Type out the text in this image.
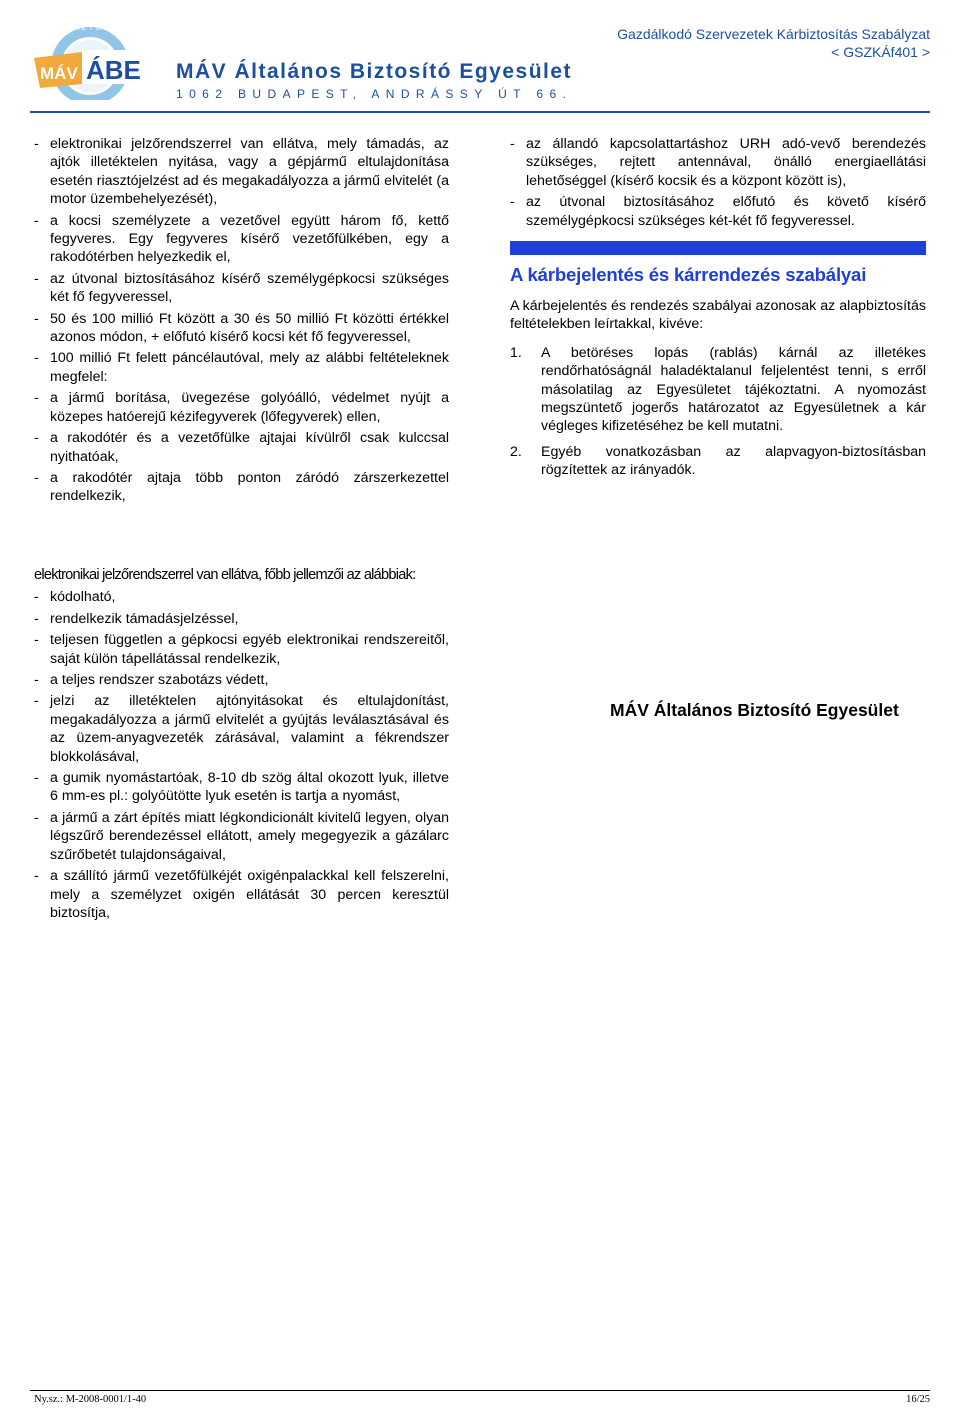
BIZTOSÍTÓ
MÁV ÁBE MÁV Általános Biztosító Egyesület
1062 BUDAPEST, ANDRÁSSY ÚT 66.
Gazdálkodó Szervezetek Kárbiztosítás Szabályzat
< GSZKÁf401 >
- elektronikai jelzőrendszerrel van ellátva, mely támadás, az ajtók illetéktelen nyitása, vagy a gépjármű eltulajdonítása esetén riasztójelzést ad és megakadályozza a jármű elvitelét (a motor üzembehelyezését),
- a kocsi személyzete a vezetővel együtt három fő, kettő fegyveres. Egy fegyveres kísérő vezetőfülkében, egy a rakodótérben helyezkedik el,
- az útvonal biztosításához kísérő személygépkocsi szükséges két fő fegyveressel,
- 50 és 100 millió Ft között a 30 és 50 millió Ft közötti értékkel azonos módon, + előfutó kísérő kocsi két fő fegyveressel,
- 100 millió Ft felett páncélautóval, mely az alábbi feltételeknek megfelel:
- a jármű borítása, üvegezése golyóálló, védelmet nyújt a közepes hatóerejű kézifegyverek (lőfegyverek) ellen,
- a rakodótér és a vezetőfülke ajtajai kívülről csak kulccsal nyithatóak,
- a rakodótér ajtaja több ponton záródó zárszerkezettel rendelkezik,
- az állandó kapcsolattartáshoz URH adó-vevő berendezés szükséges, rejtett antennával, önálló energiaellátási lehetőséggel (kísérő kocsik és a központ között is),
- az útvonal biztosításához előfutó és követő kísérő személygépkocsi szükséges két-két fő fegyveressel.
A kárbejelentés és kárrendezés szabályai
A kárbejelentés és rendezés szabályai azonosak az alapbiztosítás feltételekben leírtakkal, kivéve:
1. A betöréses lopás (rablás) kárnál az illetékes rendőrhatóságnál haladéktalanul feljelentést tenni, s erről másolatilag az Egyesületet tájékoztatni. A nyomozást megszüntető jogerős határozatot az Egyesületnek a kár végleges kifizetéséhez be kell mutatni.
2. Egyéb vonatkozásban az alapvagyon-biztosításban rögzítettek az irányadók.
elektronikai jelzőrendszerrel van ellátva, főbb jellemzői az alábbiak:
- kódolható,
- rendelkezik támadásjelzéssel,
- teljesen független a gépkocsi egyéb elektronikai rendszereitől, saját külön tápellátással rendelkezik,
- a teljes rendszer szabotázs védett,
- jelzi az illetéktelen ajtónyitásokat és eltulajdonítást, megakadályozza a jármű elvitelét a gyújtás leválasztásával és az üzem-anyagvezeték zárásával, valamint a fékrendszer blokkolásával,
- a gumik nyomástartóak, 8-10 db szög által okozott lyuk, illetve 6 mm-es pl.: golyóütötte lyuk esetén is tartja a nyomást,
- a jármű a zárt építés miatt légkondicionált kivitelű legyen, olyan légszűrő berendezéssel ellátott, amely megegyezik a gázálarc szűrőbetét tulajdonságaival,
- a szállító jármű vezetőfülkéjét oxigénpalackkal kell felszerelni, mely a személyzet oxigén ellátását 30 percen keresztül biztosítja,
MÁV Általános Biztosító Egyesület
Ny.sz.: M-2008-0001/1-40	16/25
